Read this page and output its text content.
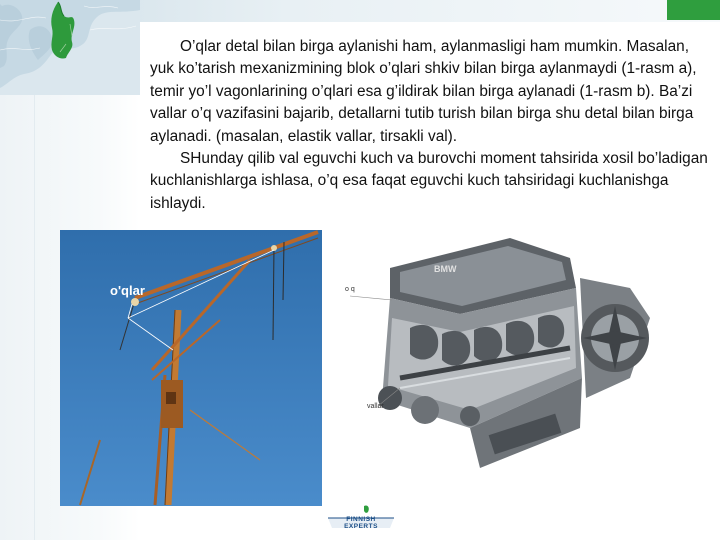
O’qlar detal bilan birga aylanishi ham, aylanmasligi ham mumkin. Masalan, yuk ko’tarish mexanizmining blok o’qlari shkiv bilan birga aylanmaydi (1-rasm a), temir yo’l vagonlarining o’qlari esa g’ildirak bilan birga aylanadi (1-rasm b). Ba’zi vallar o’q vazifasini bajarib, detallarni tutib turish bilan birga shu detal bilan birga aylanadi. (masalan, elastik vallar, tirsakli val).

SHunday qilib val eguvchi kuch va burovchi moment tahsirida xosil bo’ladigan kuchlanishlarga ishlasa, o’q esa faqat eguvchi kuch tahsiridagi kuchlanishga ishlaydi.

o'qlar
BMW
o q
vallar
FINNISH EXPERTS
